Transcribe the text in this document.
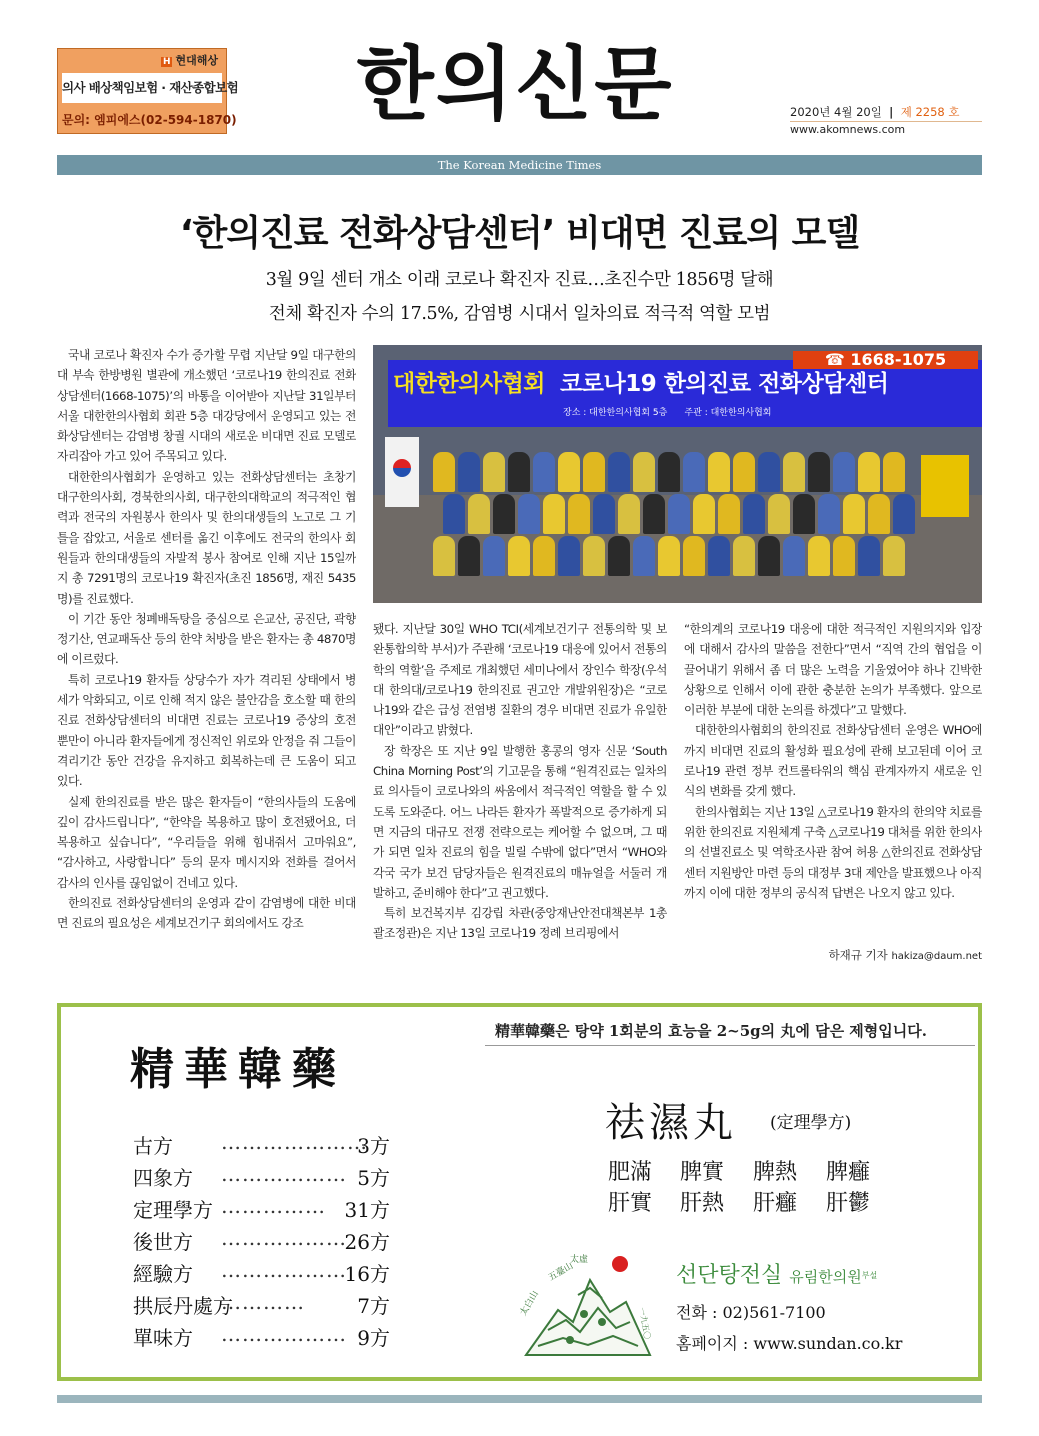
H 현대해상
의사 배상책임보험 · 재산종합보험
문의: 엠피에스(02-594-1870) 한의신문	2020년 4월 20일 | 제 2258 호
www.akomnews.com
The Korean Medicine Times
‘한의진료 전화상담센터’ 비대면 진료의 모델
3월 9일 센터 개소 이래 코로나 확진자 진료…초진수만 1856명 달해
전체 확진자 수의 17.5%, 감염병 시대서 일차의료 적극적 역할 모범

국내 코로나 확진자 수가 증가할 무렵 지난달 9일 대구한의대 부속 한방병원 별관에 개소했던 ‘코로나19 한의진료 전화상담센터(1668-1075)’의 바통을 이어받아 지난달 31일부터 서울 대한한의사협회 회관 5층 대강당에서 운영되고 있는 전화상담센터는 감염병 창궐 시대의 새로운 비대면 진료 모델로 자리잡아 가고 있어 주목되고 있다.

대한한의사협회가 운영하고 있는 전화상담센터는 초창기 대구한의사회, 경북한의사회, 대구한의대학교의 적극적인 협력과 전국의 자원봉사 한의사 및 한의대생들의 노고로 그 기틀을 잡았고, 서울로 센터를 옮긴 이후에도 전국의 한의사 회원들과 한의대생들의 자발적 봉사 참여로 인해 지난 15일까지 총 7291명의 코로나19 확진자(초진 1856명, 재진 5435명)를 진료했다.

이 기간 동안 청폐배독탕을 중심으로 은교산, 공진단, 곽향정기산, 연교패독산 등의 한약 처방을 받은 환자는 총 4870명에 이르렀다.

특히 코로나19 환자들 상당수가 자가 격리된 상태에서 병세가 악화되고, 이로 인해 적지 않은 불안감을 호소할 때 한의진료 전화상담센터의 비대면 진료는 코로나19 증상의 호전 뿐만이 아니라 환자들에게 정신적인 위로와 안정을 줘 그들이 격리기간 동안 건강을 유지하고 회복하는데 큰 도움이 되고 있다.

실제 한의진료를 받은 많은 환자들이 “한의사들의 도움에 깊이 감사드립니다”, “한약을 복용하고 많이 호전됐어요, 더 복용하고 싶습니다”, “우리들을 위해 힘내줘서 고마워요”, “감사하고, 사랑합니다” 등의 문자 메시지와 전화를 걸어서 감사의 인사를 끊임없이 건네고 있다.

한의진료 전화상담센터의 운영과 같이 감염병에 대한 비대면 진료의 필요성은 세계보건기구 회의에서도 강조

☎ 1668-1075
대한한의사협회 코로나19 한의진료 전화상담센터
장소 : 대한한의사협회 5층 주관 : 대한한의사협회

됐다. 지난달 30일 WHO TCI(세계보건기구 전통의학 및 보완통합의학 부서)가 주관해 ‘코로나19 대응에 있어서 전통의학의 역할’을 주제로 개최했던 세미나에서 장인수 학장(우석대 한의대/코로나19 한의진료 권고안 개발위원장)은 “코로나19와 같은 급성 전염병 질환의 경우 비대면 진료가 유일한 대안”이라고 밝혔다.

장 학장은 또 지난 9일 발행한 홍콩의 영자 신문 ‘South China Morning Post’의 기고문을 통해 “원격진료는 일차의료 의사들이 코로나와의 싸움에서 적극적인 역할을 할 수 있도록 도와준다. 어느 나라든 환자가 폭발적으로 증가하게 되면 지금의 대규모 전쟁 전략으로는 케어할 수 없으며, 그 때가 되면 일차 진료의 힘을 빌릴 수밖에 없다”면서 “WHO와 각국 국가 보건 담당자들은 원격진료의 매뉴얼을 서둘러 개발하고, 준비해야 한다”고 권고했다.

특히 보건복지부 김강립 차관(중앙재난안전대책본부 1총괄조정관)은 지난 13일 코로나19 정례 브리핑에서

“한의계의 코로나19 대응에 대한 적극적인 지원의지와 입장에 대해서 감사의 말씀을 전한다”면서 “직역 간의 협업을 이끌어내기 위해서 좀 더 많은 노력을 기울였어야 하나 긴박한 상황으로 인해서 이에 관한 충분한 논의가 부족했다. 앞으로 이러한 부분에 대한 논의를 하겠다”고 말했다.

대한한의사협회의 한의진료 전화상담센터 운영은 WHO에까지 비대면 진료의 활성화 필요성에 관해 보고된데 이어 코로나19 관련 정부 컨트롤타워의 핵심 관계자까지 새로운 인식의 변화를 갖게 했다.

한의사협회는 지난 13일 △코로나19 환자의 한의약 치료를 위한 한의진료 지원체계 구축 △코로나19 대처를 위한 한의사의 선별진료소 및 역학조사관 참여 허용 △한의진료 전화상담센터 지원방안 마련 등의 대정부 3대 제안을 발표했으나 아직까지 이에 대한 정부의 공식적 답변은 나오지 않고 있다.

하재규 기자 hakiza@daum.net
精華韓藥은 탕약 1회분의 효능을 2~5g의 丸에 담은 제형입니다.
精華韓藥
古方 …………………
3方
四象方 ……………… 5方
定理學方 …………… 31方
後世方 ………………
26方
經驗方 ………………
16方
拱辰丹處方
…………	7方
單味方 ……………… 9方
祛濕丸 (定理學方)
肥滿 脾實 脾熱 脾癰
肝實 肝熱 肝癰 肝鬱
太白山
五臺山
太虛
一九五〇
선단탕전실 유림한의원부설
전화 : 02)561-7100
홈페이지 : www.sundan.co.kr
